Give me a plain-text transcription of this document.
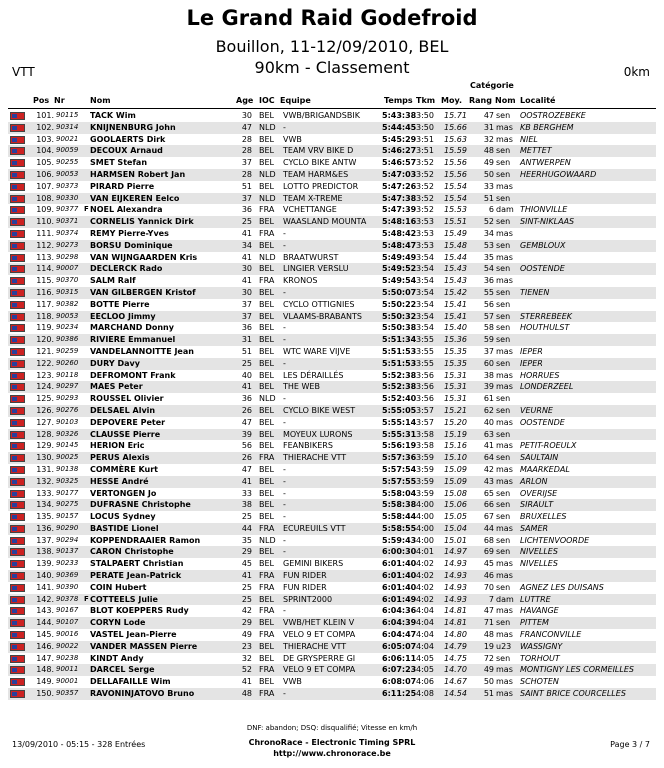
Le Grand Raid Godefroid
Bouillon, 11-12/09/2010, BEL
90km - Classement
VTT	0km
Catégorie
Pos Nr	Nom	Age IOC Equipe	Temps Tkm Moy. Rang Nom Localité
101. 90115 TACK Wim	30 BEL VWB/BRIGANDSBIK	5:43:38 3:50 15.71	47 sen OOSTROZEBEKE
102. 90314 KNIJNENBURG John	47 NLD -	5:44:45 3:50 15.66	31 mas KB BERGHEM
103. 90021 GOOLAERTS Dirk	28 BEL VWB	5:45:29 3:51 15.63	32 mas NIEL
104. 90059 DECOUX Arnaud	28 BEL TEAM VRV BIKE D	5:46:27 3:51 15.59	48 sen METTET
105. 90255 SMET Stefan	37 BEL CYCLO BIKE ANTW	5:46:57 3:52 15.56	49 sen ANTWERPEN
106. 90053 HARMSEN Robert Jan	28 NLD TEAM HARM&ES	5:47:03 3:52 15.56	50 sen HEERHUGOWAARD
107. 90373 PIRARD Pierre	51 BEL LOTTO PREDICTOR	5:47:26 3:52 15.54	33 mas
108. 90330 VAN EIJKEREN Eelco	37 NLD TEAM X-TREME	5:47:38 3:52 15.54	51 sen
109. 90377 F NOEL Alexandra	36 FRA VCHETTANGE	5:47:39 3:52 15.53	6 dam THIONVILLE
110. 90371 CORNELIS Yannick Dirk	25 BEL WAASLAND MOUNTA 5:48:16 3:53 15.51	52 sen SINT-NIKLAAS
111. 90374 REMY Pierre-Yves	41 FRA -	5:48:42 3:53 15.49	34 mas
112. 90273 BORSU Dominique	34 BEL -	5:48:47 3:53 15.48	53 sen GEMBLOUX
113. 90298 VAN WIJNGAARDEN Kris	41 NLD BRAATWURST	5:49:49 3:54 15.44	35 mas
114. 90007 DECLERCK Rado	30 BEL LINGIER VERSLU	5:49:52 3:54 15.43	54 sen OOSTENDE
115. 90370 SALM Ralf	41 FRA KRONOS	5:49:54 3:54 15.43	36 mas
116. 90315 VAN GILBERGEN Kristof	30 BEL -	5:50:07 3:54 15.42	55 sen TIENEN
117. 90382 BOTTE Pierre	37 BEL CYCLO OTTIGNIES	5:50:22 3:54 15.41	56 sen
118. 90053 EECLOO Jimmy	37 BEL VLAAMS-BRABANTS	5:50:32 3:54 15.41	57 sen STERREBEEK
119. 90234 MARCHAND Donny	36 BEL -	5:50:38 3:54 15.40	58 sen HOUTHULST
120. 90386 RIVIERE Emmanuel	31 BEL -	5:51:34 3:55 15.36	59 sen
121. 90259 VANDELANNOITTE Jean	51 BEL WTC WARE VIJVE	5:51:53 3:55 15.35	37 mas IEPER
122. 90260 DURY Davy	25 BEL -	5:51:53 3:55 15.35	60 sen IEPER
123. 90118 DEFROMONT Frank	40 BEL LES DÉRAILLÉS	5:52:38 3:56 15.31	38 mas HORRUES
124. 90297 MAES Peter	41 BEL THE WEB	5:52:38 3:56 15.31	39 mas LONDERZEEL
125. 90293 ROUSSEL Olivier	36 NLD -	5:52:40 3:56 15.31	61 sen
126. 90276 DELSAEL Alvin	26 BEL CYCLO BIKE WEST	5:55:05 3:57 15.21	62 sen VEURNE
127. 90103 DEPOVERE Peter	47 BEL -	5:55:14 3:57 15.20	40 mas OOSTENDE
128. 90326 CLAUSSE Pierre	39 BEL MOYEUX LURONS	5:55:31 3:58 15.19	63 sen
129. 90145 HERION Eric	56 BEL FEANBIKERS	5:56:19 3:58 15.16	41 mas PETIT-ROEULX
130. 90025 PERUS Alexis	26 FRA THIERACHE VTT	5:57:36 3:59 15.10	64 sen SAULTAIN
131. 90138 COMMÈRE Kurt	47 BEL -	5:57:54 3:59 15.09	42 mas MAARKEDAL
132. 90325 HESSE André	41 BEL -	5:57:55 3:59 15.09	43 mas ARLON
133. 90177 VERTONGEN Jo	33 BEL -	5:58:04 3:59 15.08	65 sen OVERIJSE
134. 90275 DUFRASNE Christophe	38 BEL -	5:58:38 4:00 15.06	66 sen SIRAULT
135. 90157 LOCUS Sydney	25 BEL -	5:58:44 4:00 15.05	67 sen BRUXELLES
136. 90290 BASTIDE Lionel	44 FRA ECUREUILS VTT	5:58:55 4:00 15.04	44 mas SAMER
137. 90294 KOPPENDRAAIER Ramon	35 NLD -	5:59:43 4:00 15.01	68 sen LICHTENVOORDE
138. 90137 CARON Christophe	29 BEL -	6:00:30 4:01 14.97	69 sen NIVELLES
139. 90233 STALPAERT Christian	45 BEL GEMINI BIKERS	6:01:40 4:02 14.93	45 mas NIVELLES
140. 90369 PERATE Jean-Patrick	41 FRA FUN RIDER	6:01:40 4:02 14.93	46 mas
141. 90390 COIN Hubert	25 FRA FUN RIDER	6:01:40 4:02 14.93	70 sen AGNEZ LES DUISANS
142. 90378 F COTTEELS Julie	25 BEL SPRINT2000	6:01:49 4:02 14.93	7 dam LUTTRE
143. 90167 BLOT KOEPPERS Rudy	42 FRA -	6:04:36 4:04 14.81	47 mas HAVANGE
144. 90107 CORYN Lode	29 BEL VWB/HET KLEIN V	6:04:39 4:04 14.81	71 sen PITTEM
145. 90016 VASTEL Jean-Pierre	49 FRA VELO 9 ET COMPA	6:04:47 4:04 14.80	48 mas FRANCONVILLE
146. 90022 VANDER MASSEN Pierre	23 BEL THIERACHE VTT	6:05:07 4:04 14.79	19 u23 WASSIGNY
147. 90238 KINDT Andy	32 BEL DE GRYSPERRE GI	6:06:11 4:05 14.75	72 sen TORHOUT
148. 90011 DARCEL Serge	52 FRA VELO 9 ET COMPA	6:07:23 4:05 14.70	49 mas MONTIGNY LES CORMEILLES
149. 90001 DELLAFAILLE Wim	41 BEL VWB	6:08:07 4:06 14.67	50 mas SCHOTEN
150. 90357 RAVONINJATOVO Bruno	48 FRA -	6:11:25 4:08 14.54	51 mas SAINT BRICE COURCELLES
DNF: abandon; DSQ: disqualifié; Vitesse en km/h
13/09/2010 - 05:15 - 328 Entrées	ChronoRace - Electronic Timing SPRL
http://www.chronorace.be
Page 3 / 7
